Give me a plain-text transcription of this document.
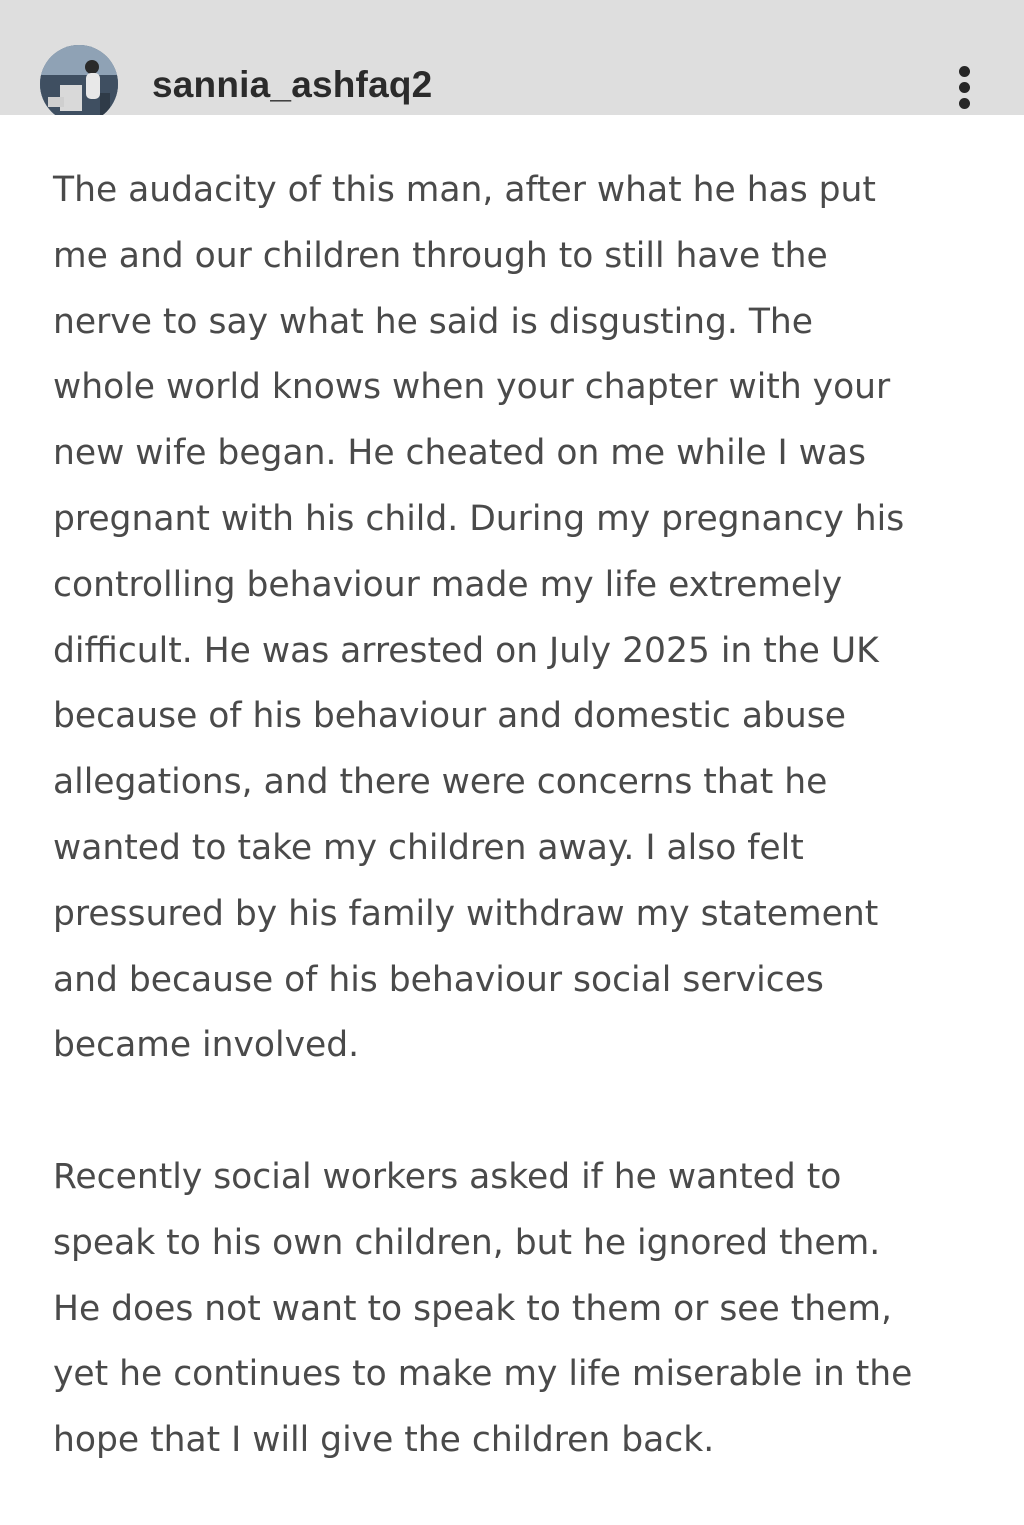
sannia_ashfaq2

The audacity of this man, after what he has put
me and our children through to still have the
nerve to say what he said is disgusting. The
whole world knows when your chapter with your
new wife began. He cheated on me while I was
pregnant with his child. During my pregnancy his
controlling behaviour made my life extremely
difficult. He was arrested on July 2025 in the UK
because of his behaviour and domestic abuse
allegations, and there were concerns that he
wanted to take my children away. I also felt
pressured by his family withdraw my statement
and because of his behaviour social services
became involved.

Recently social workers asked if he wanted to
speak to his own children, but he ignored them.
He does not want to speak to them or see them,
yet he continues to make my life miserable in the
hope that I will give the children back.
